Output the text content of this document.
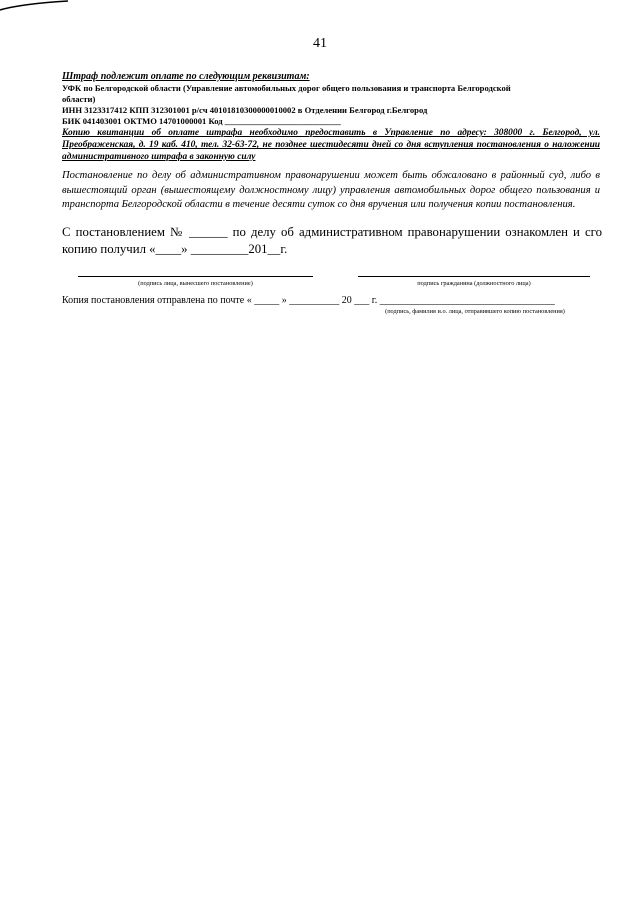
41
Штраф подлежит оплате по следующим реквизитам:
УФК по Белгородской области (Управление автомобильных дорог общего пользования и транспорта Белгородской
области)
ИНН 3123317412 КПП 312301001 р/сч 40101810300000010002 в Отделении Белгород г.Белгород
БИК 041403001 ОКТМО 14701000001 Код ___________________________
Копию квитанции об оплате штрафа необходимо предоставить в Управление по адресу: 308000 г. Белгород, ул. Преображенская, д. 19 каб. 410, тел. 32-63-72, не позднее шестидесяти дней со дня вступления постановления о наложении административного штрафа в законную силу
Постановление по делу об административном правонарушении может быть обжаловано в районный суд, либо в вышестоящий орган (вышестоящему должностному лицу) управления автомобильных дорог общего пользования и транспорта Белгородской области в течение десяти суток со дня вручения или получения копии постановления.
С постановлением № ______ по делу об административном правонарушении ознакомлен и сго копию получил «____» _________201__г.
(подпись лица, вынесшего постановление)	подпись гражданина (должностного лица)
Копия постановления отправлена по почте « _____ » __________ 20 ___ г. ___________________________________
(подпись, фамилия и.о. лица, отправившего копию постановления)
